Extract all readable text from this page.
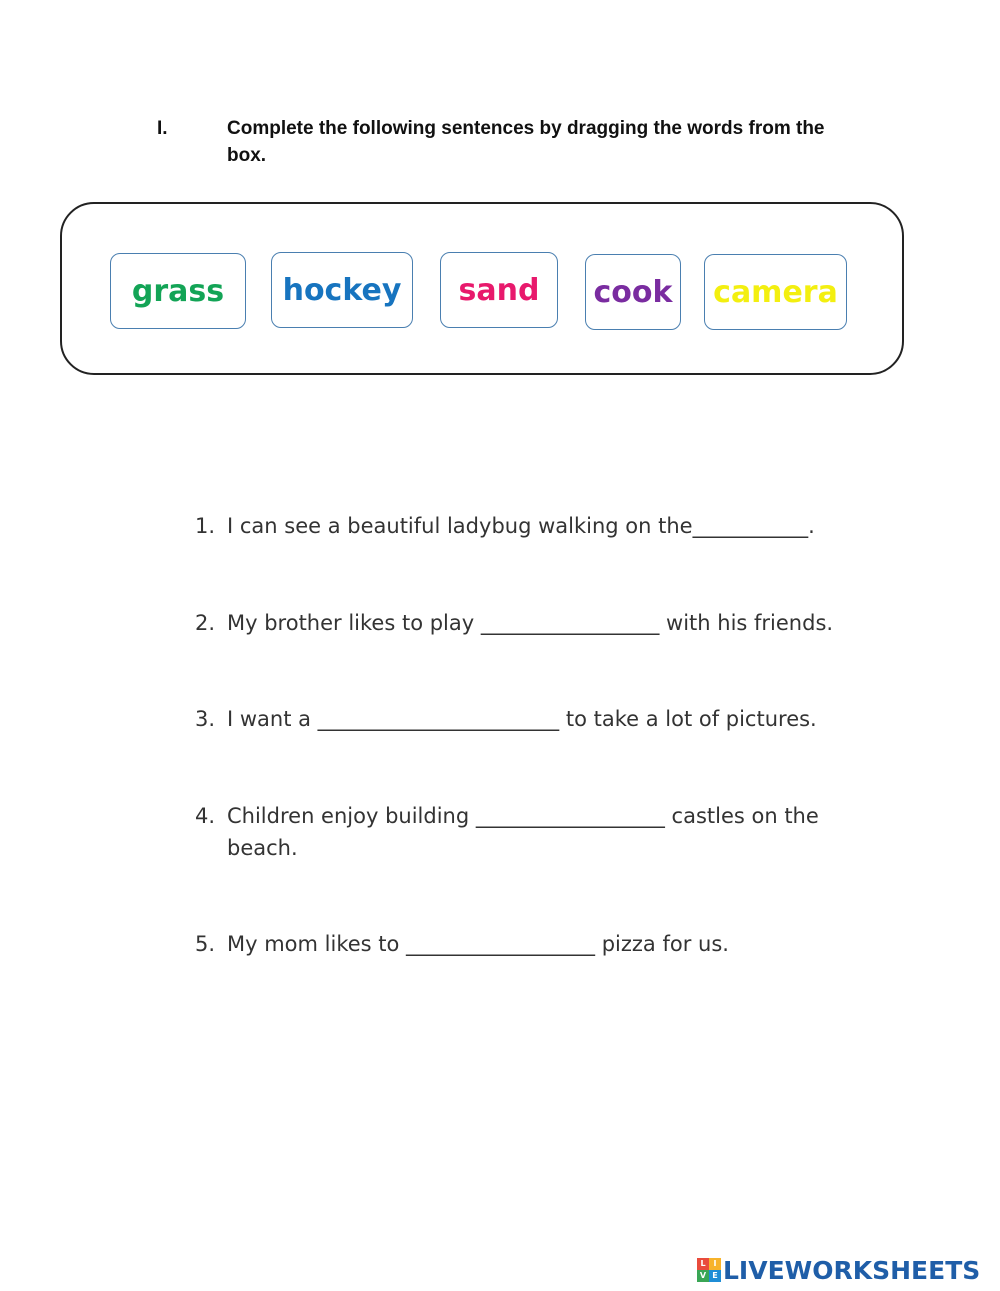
I.	Complete the following sentences by dragging the words from the box.
grass hockey sand cook camera
1. I can see a beautiful ladybug walking on the___________.
2. My brother likes to play _________________ with his friends.
3. I want a _______________________ to take a lot of pictures.
4. Children enjoy building __________________ castles on the beach.
5. My mom likes to __________________ pizza for us.
L I
V E LIVEWORKSHEETS
